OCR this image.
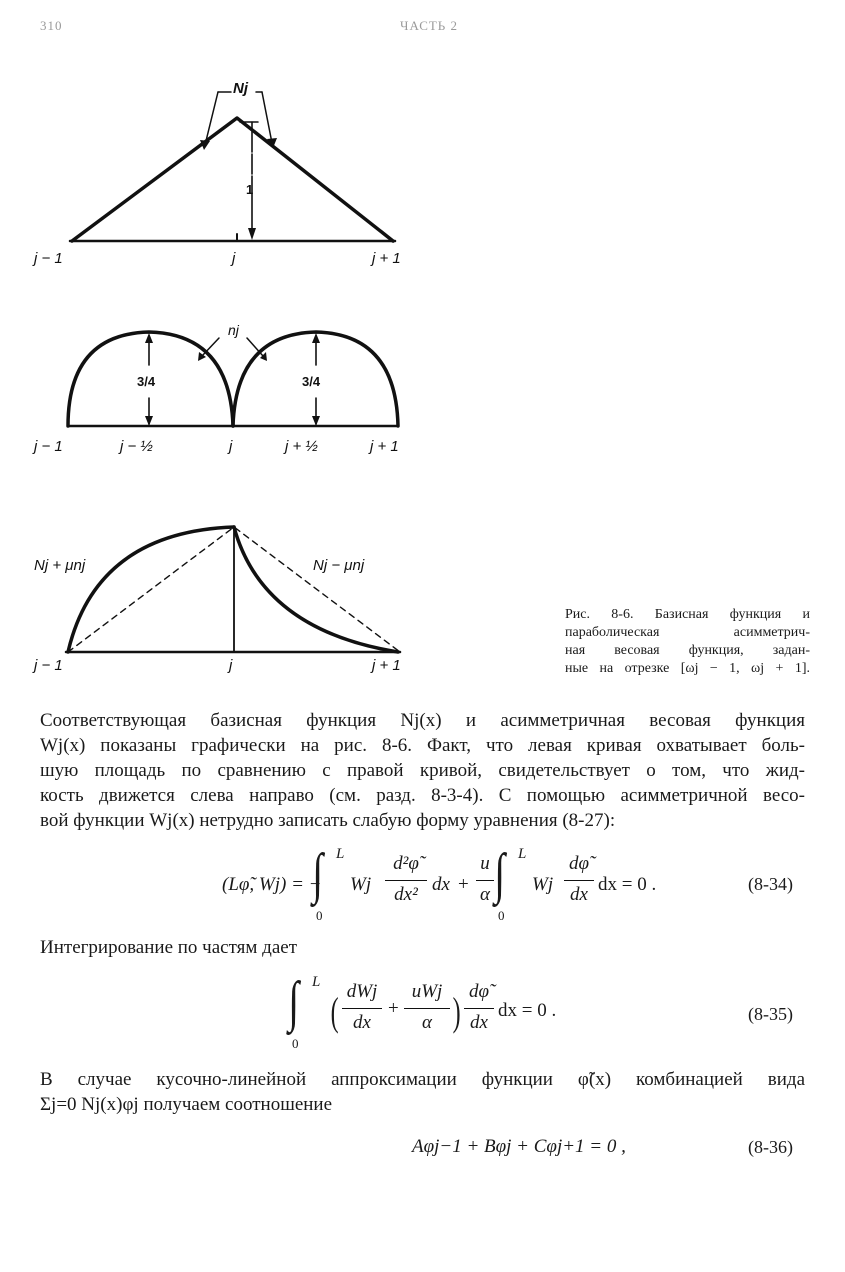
310	ЧАСТЬ 2
Nj
1
j − 1	j	j + 1
nj
3/4	3/4
j − 1	j − ½	j	j + ½	j + 1
Nj + μnj	Nj − μnj
j − 1	j	j + 1
Рис. 8-6. Базисная функция и
параболическая асимметрич-
ная весовая функция, задан-
ные на отрезке [ωj − 1, ωj + 1].
Соответствующая базисная функция Nj(x) и асимметричная весовая функция
Wj(x) показаны графически на рис. 8-6. Факт, что левая кривая охватывает боль-
шую площадь по сравнению с правой кривой, свидетельствует о том, что жид-
кость движется слева направо (см. разд. 8-3-4). С помощью асимметричной весо-
вой функции Wj(x) нетрудно записать слабую форму уравнения (8-27):
(Lφ̃, Wj) = −
∫ L
0
Wj
d²φ̃
dx² dx +
u
α ∫ L
0
Wj
dφ̃
dx dx = 0 .	(8-34)
Интегрирование по частям дает
∫ L
0
( dWj
dx
+
uWj
α ) dφ̃
dx
dx = 0 .	(8-35)
В случае кусочно-линейной аппроксимации функции φ̃(x) комбинацией вида
Σj=0 Nj(x)φj получаем соотношение
Aφj−1 + Bφj + Cφj+1 = 0 ,	(8-36)
